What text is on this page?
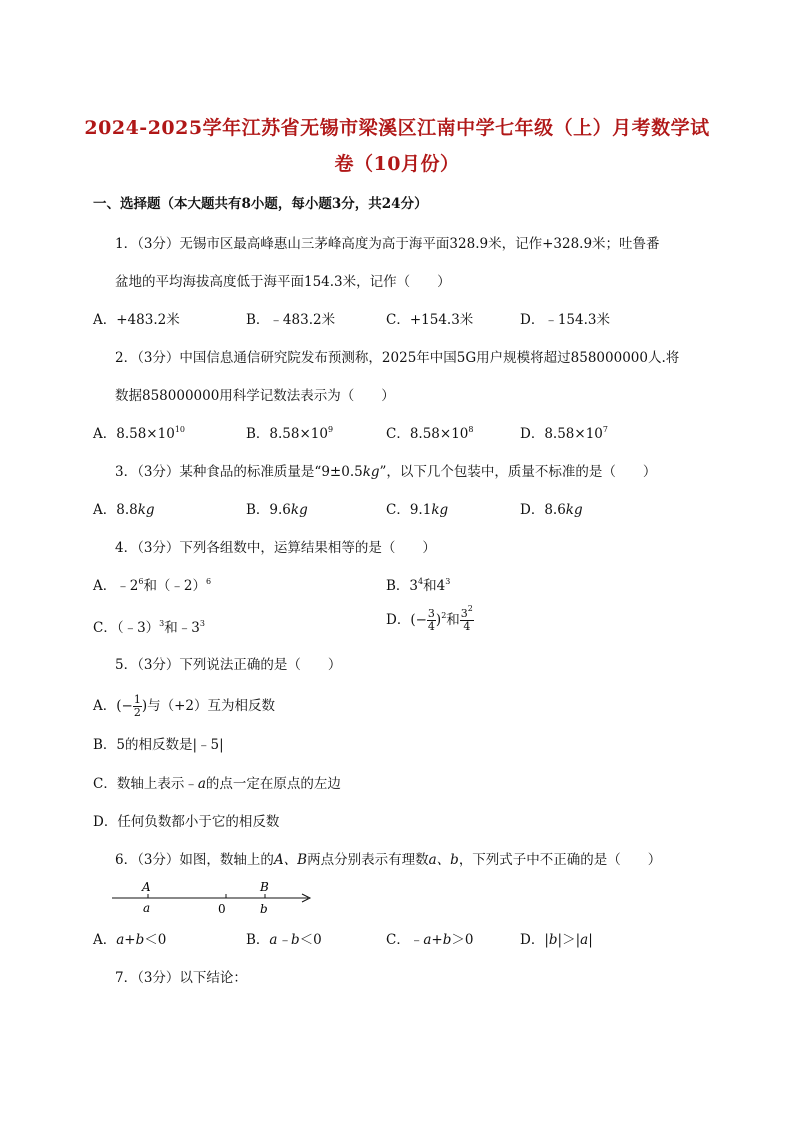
2024-2025学年江苏省无锡市梁溪区江南中学七年级（上）月考数学试
卷（10月份）
一、选择题（本大题共有8小题，每小题3分，共24分）
1．（3分）无锡市区最高峰惠山三茅峰高度为高于海平面328.9米，记作+328.9米；吐鲁番
盆地的平均海拔高度低于海平面154.3米，记作（　　）
A．+483.2米	B．﹣483.2米	C．+154.3米	D．﹣154.3米
2．（3分）中国信息通信研究院发布预测称，2025年中国5G用户规模将超过858000000人.将
数据858000000用科学记数法表示为（　　）
A．$8.58\times 10^{10}$	B．$8.58\times 10^9$	C．$8.58\times 10^8$	D．$8.58\times 10^7$
3．（3分）某种食品的标准质量是“9±0.5kg”，以下几个包装中，质量不标准的是（　　）
A．8.8kg	B．9.6kg	C．9.1kg	D．8.6kg
4．（3分）下列各组数中，运算结果相等的是（　　）
A．$﹣2^6$和（﹣2）$^6$	B．$3^4$和$4^3$
C．（﹣3）$^3$和$﹣3^3$	D．(− $\frac{3}{4} )^2$和 $\frac{3^2}{4}$
5．（3分）下列说法正确的是（　　）
A．(− $\frac{1}{2}$ )与（+2）互为相反数
B．5的相反数是|﹣5|
C．数轴上表示﹣a的点一定在原点的左边
D．任何负数都小于它的相反数
6．（3分）如图，数轴上的A、B两点分别表示有理数a、b，下列式子中不正确的是（　　）
A
a	0
B
b
A．a+b＜0	B．a﹣b＜0	C．﹣a+b＞0	D．|b|＞|a|
7．（3分）以下结论：
